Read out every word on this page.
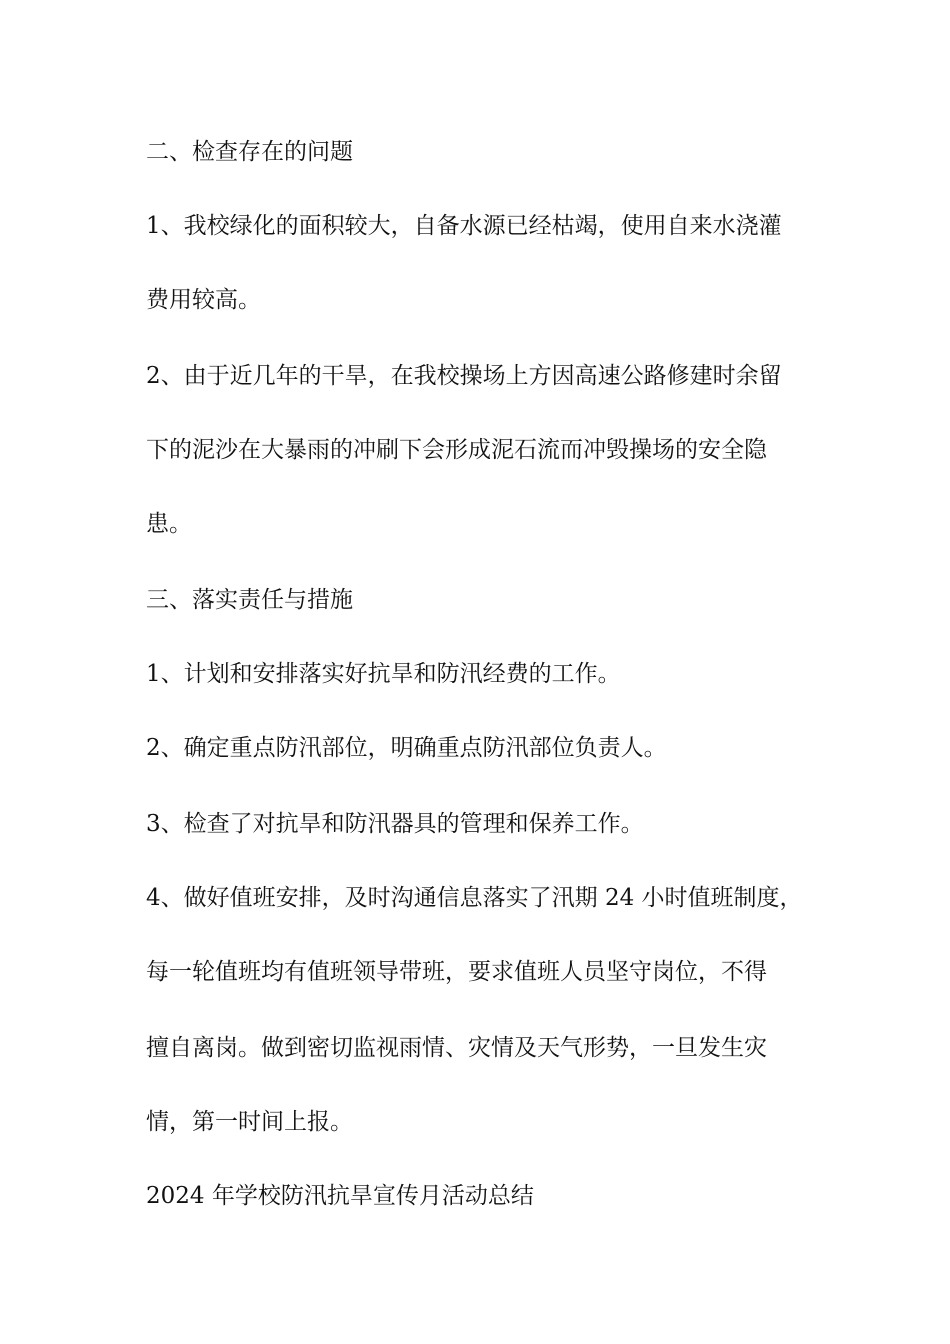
二、检查存在的问题
1、我校绿化的面积较大，自备水源已经枯竭，使用自来水浇灌
费用较高。
2、由于近几年的干旱，在我校操场上方因高速公路修建时余留
下的泥沙在大暴雨的冲刷下会形成泥石流而冲毁操场的安全隐
患。
三、落实责任与措施
1、计划和安排落实好抗旱和防汛经费的工作。
2、确定重点防汛部位，明确重点防汛部位负责人。
3、检查了对抗旱和防汛器具的管理和保养工作。
4、做好值班安排，及时沟通信息落实了汛期 24 小时值班制度，
每一轮值班均有值班领导带班，要求值班人员坚守岗位，不得
擅自离岗。做到密切监视雨情、灾情及天气形势，一旦发生灾
情，第一时间上报。
2024 年学校防汛抗旱宣传月活动总结
